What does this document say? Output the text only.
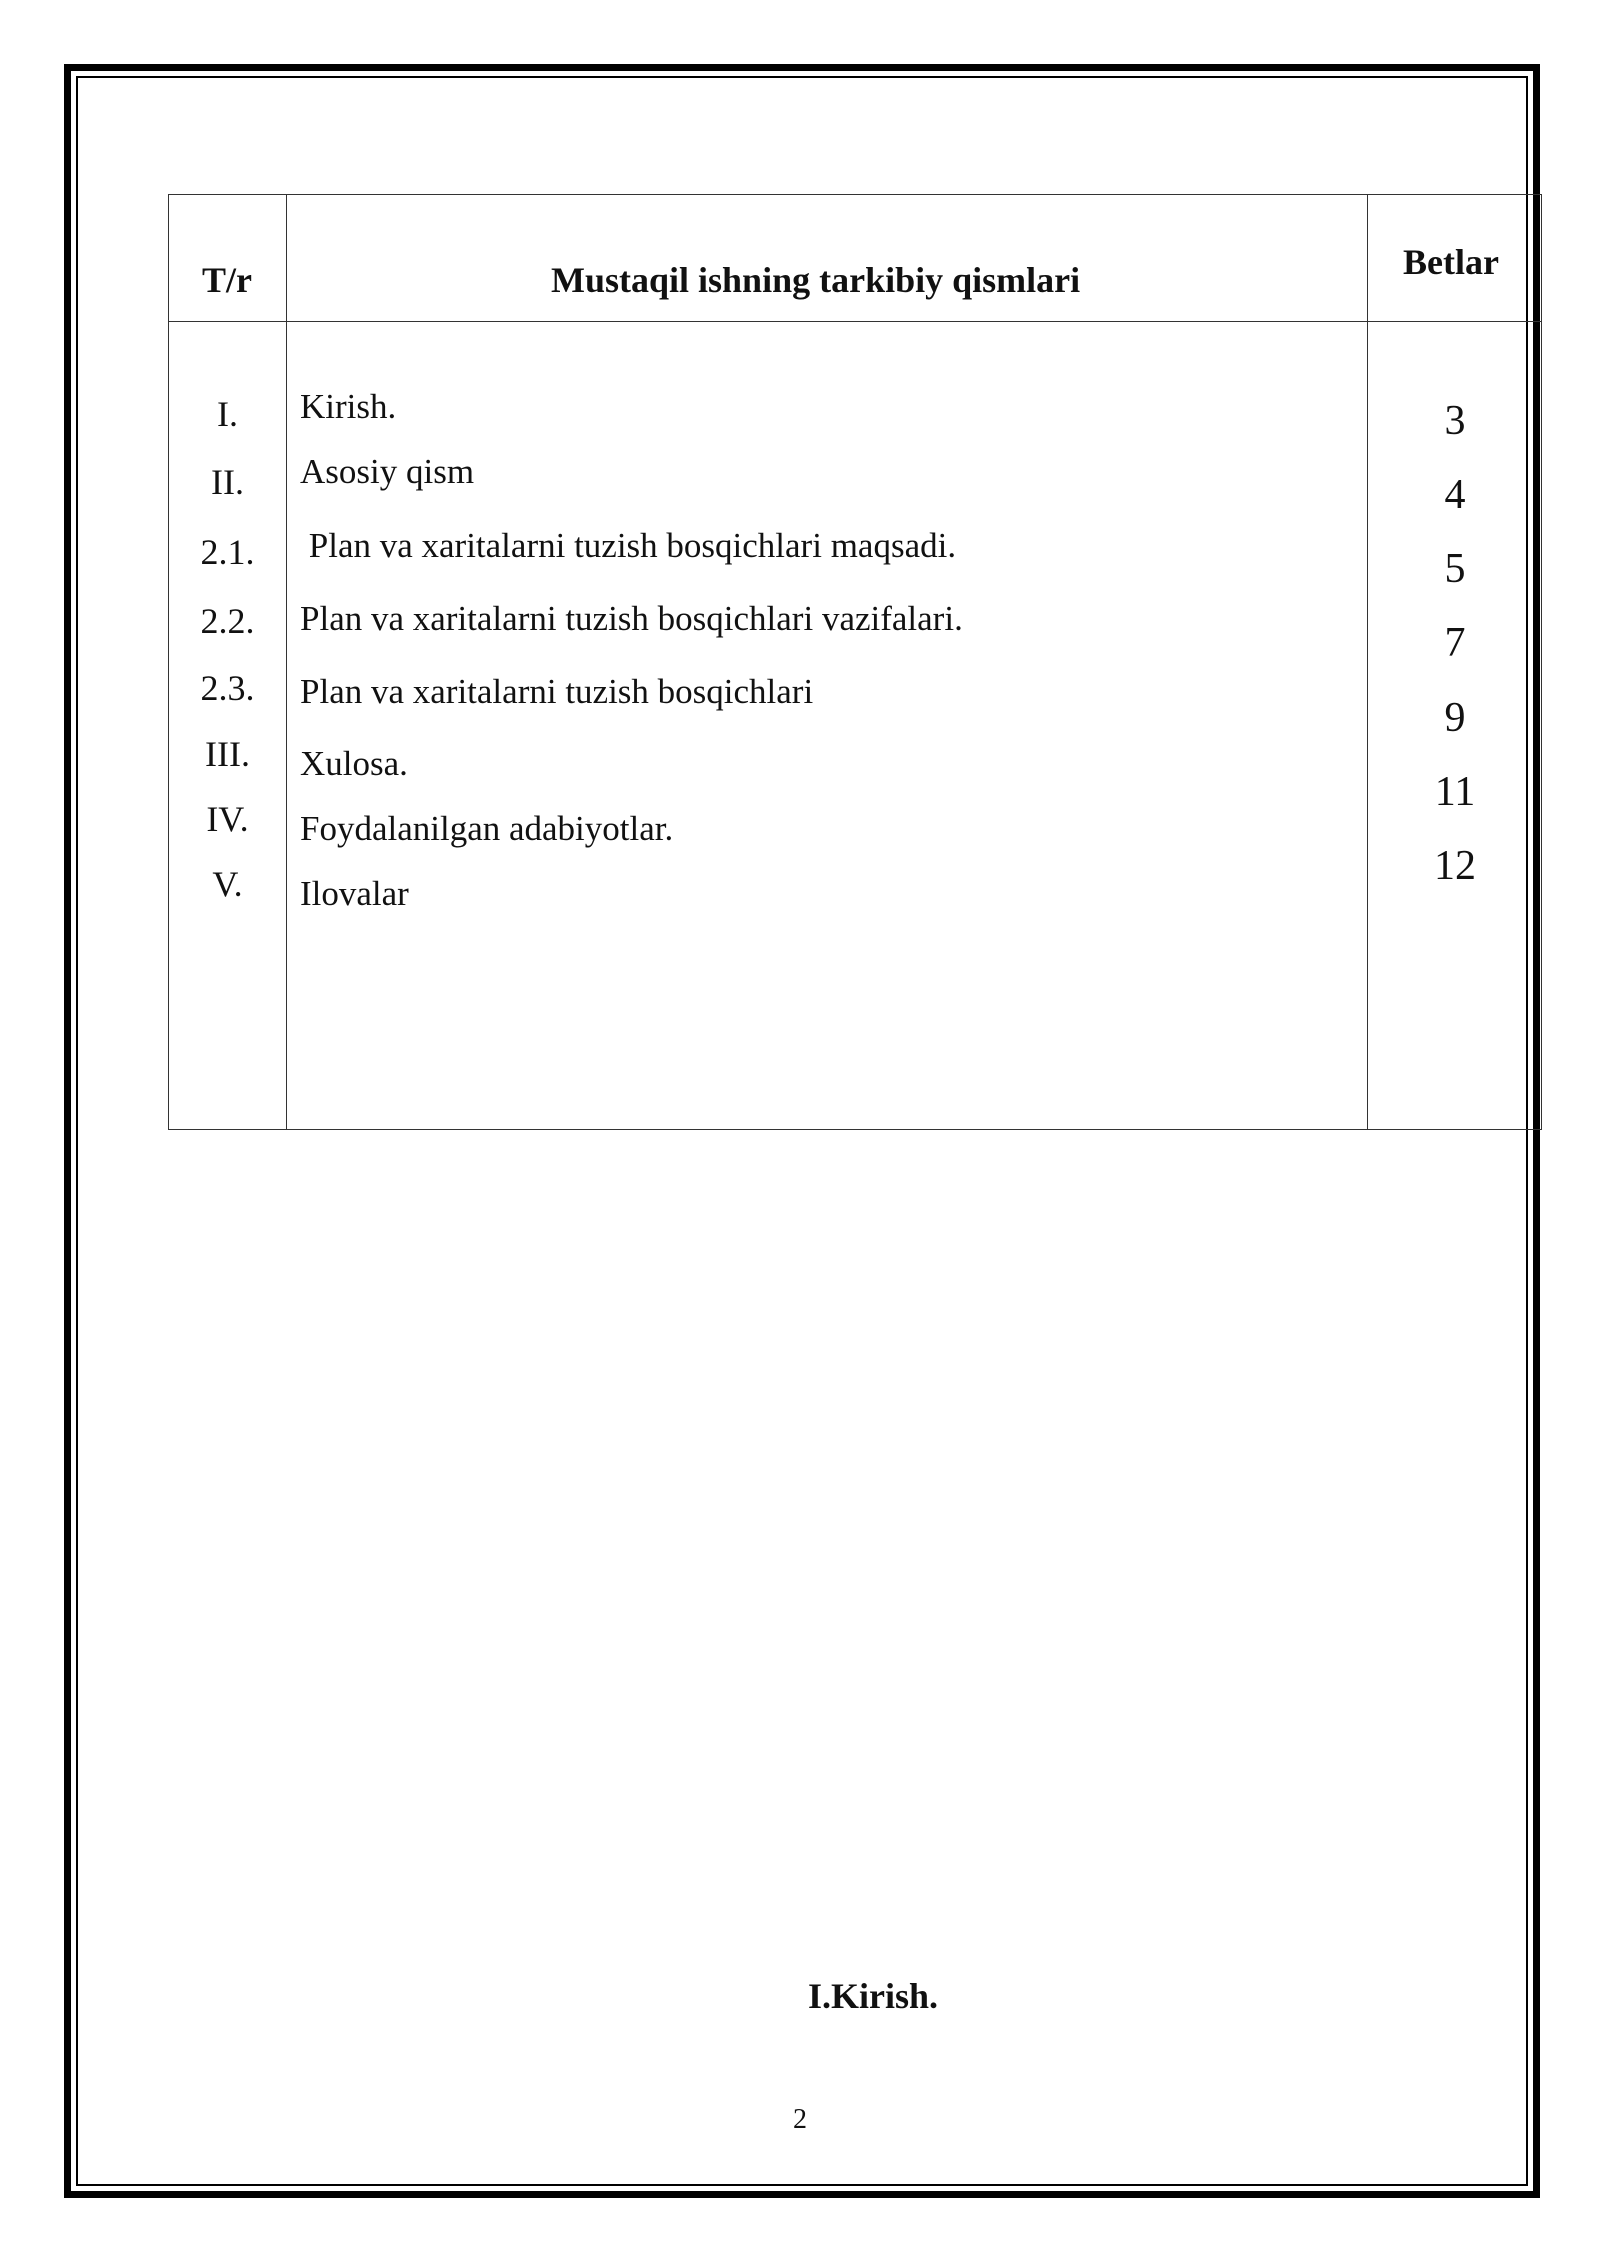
T/r	Mustaqil ishning tarkibiy qismlari	Betlar
I.
II.
2.1.
2.2.
2.3.
III.
IV.
V.
Kirish.
Asosiy qism
Plan va xaritalarni tuzish bosqichlari maqsadi.
Plan va xaritalarni tuzish bosqichlari vazifalari.
Plan va xaritalarni tuzish bosqichlari
Xulosa.
Foydalanilgan adabiyotlar.
Ilovalar
3
4
5
7
9
11
12
I.Kirish.
2
